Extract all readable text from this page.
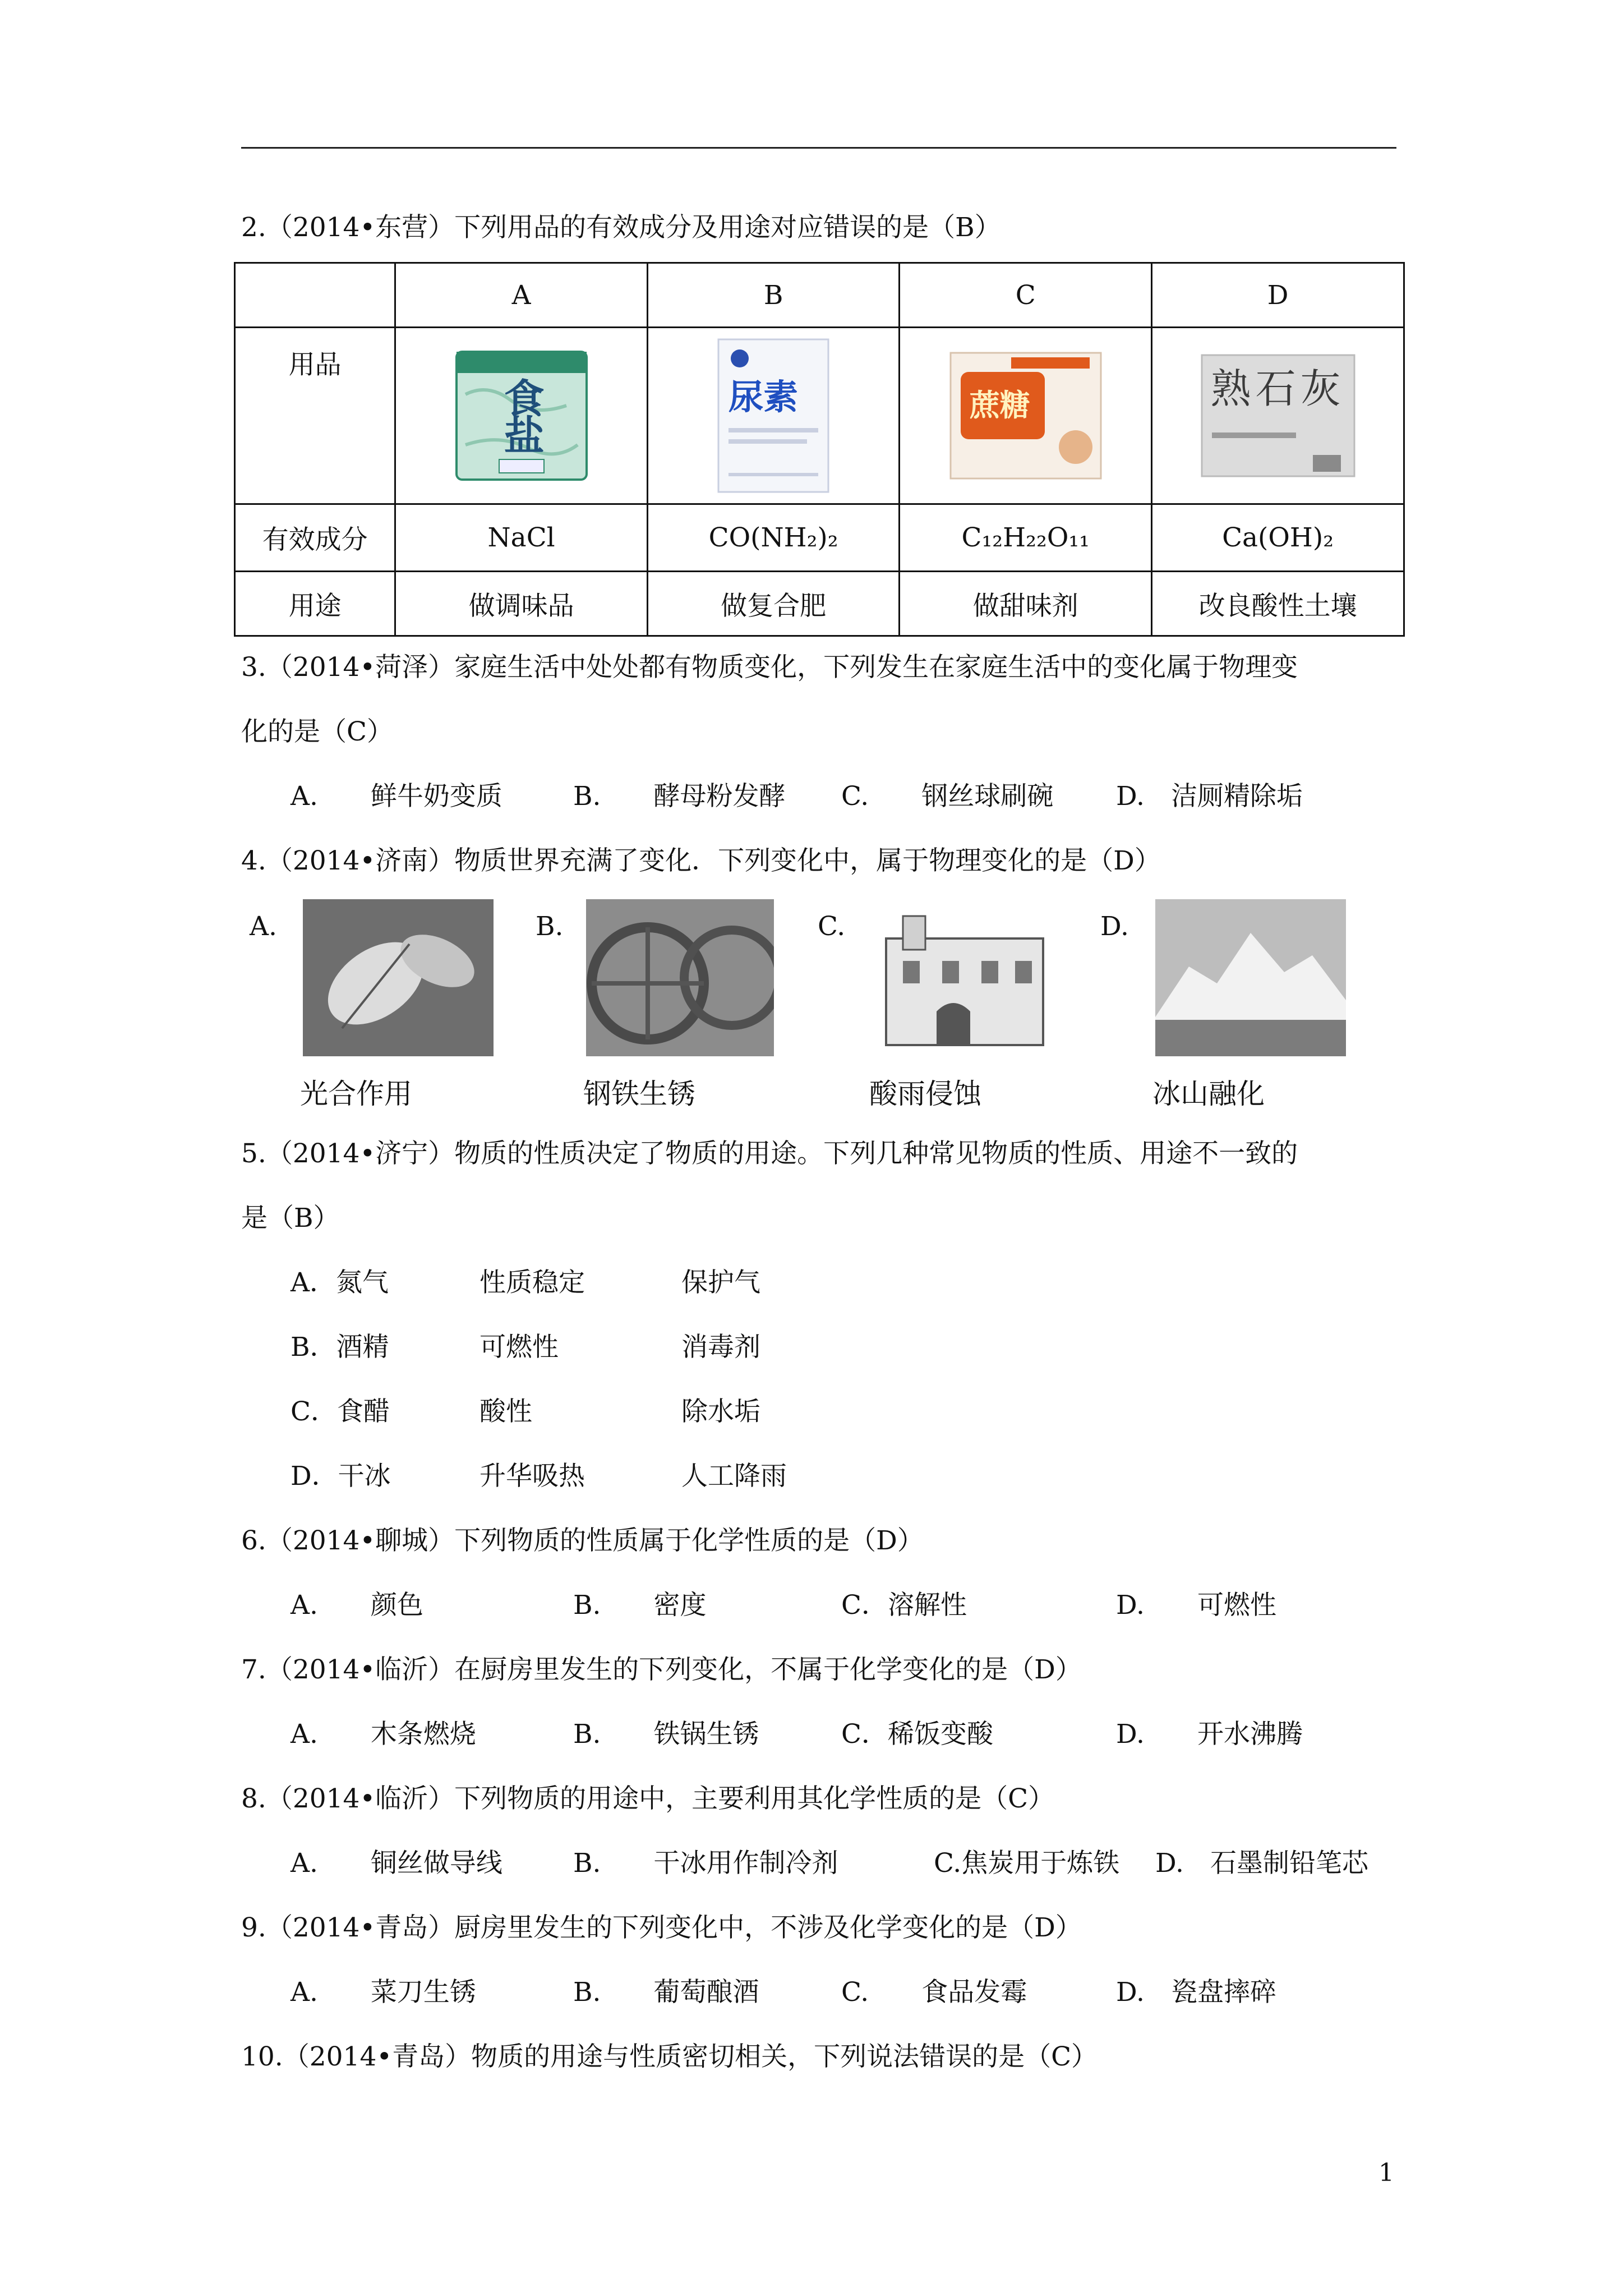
2.（2014•东营）下列用品的有效成分及用途对应错误的是（B）
	A	B	C	D
用品	食盐	尿素	蔗糖	熟石灰

有效成分	NaCl	CO(NH₂)₂	C₁₂H₂₂O₁₁	Ca(OH)₂
用途	做调味品	做复合肥	做甜味剂	改良酸性土壤
3.（2014•菏泽）家庭生活中处处都有物质变化，下列发生在家庭生活中的变化属于物理变
化的是（C）
A.　　鲜牛奶变质	B.　　酵母粉发酵 C.　　钢丝球刷碗 D.　洁厕精除垢
4.（2014•济南）物质世界充满了变化．下列变化中，属于物理变化的是（D）
A.
光合作用
B.
钢铁生锈
C.
酸雨侵蚀
D.
冰山融化
5.（2014•济宁）物质的性质决定了物质的用途。下列几种常见物质的性质、用途不一致的
是（B）
A．氮气	性质稳定	保护气
B．酒精	可燃性	消毒剂
C．食醋	酸性	除水垢
D．干冰	升华吸热	人工降雨
6.（2014•聊城）下列物质的性质属于化学性质的是（D）
A.　　颜色	B.　　密度	C．溶解性	D.　　可燃性
7.（2014•临沂）在厨房里发生的下列变化，不属于化学变化的是（D）
A.　　木条燃烧	B.　　铁锅生锈	C．稀饭变酸	D.　　开水沸腾
8.（2014•临沂）下列物质的用途中，主要利用其化学性质的是（C）
A.　　铜丝做导线	B.　　干冰用作制冷剂	C.焦炭用于炼铁 D.　石墨制铅笔芯
9.（2014•青岛）厨房里发生的下列变化中，不涉及化学变化的是（D）
A.　　菜刀生锈	B.　　葡萄酿酒	C.　　食品发霉	D.　瓷盘摔碎
10.（2014•青岛）物质的用途与性质密切相关，下列说法错误的是（C）
1
